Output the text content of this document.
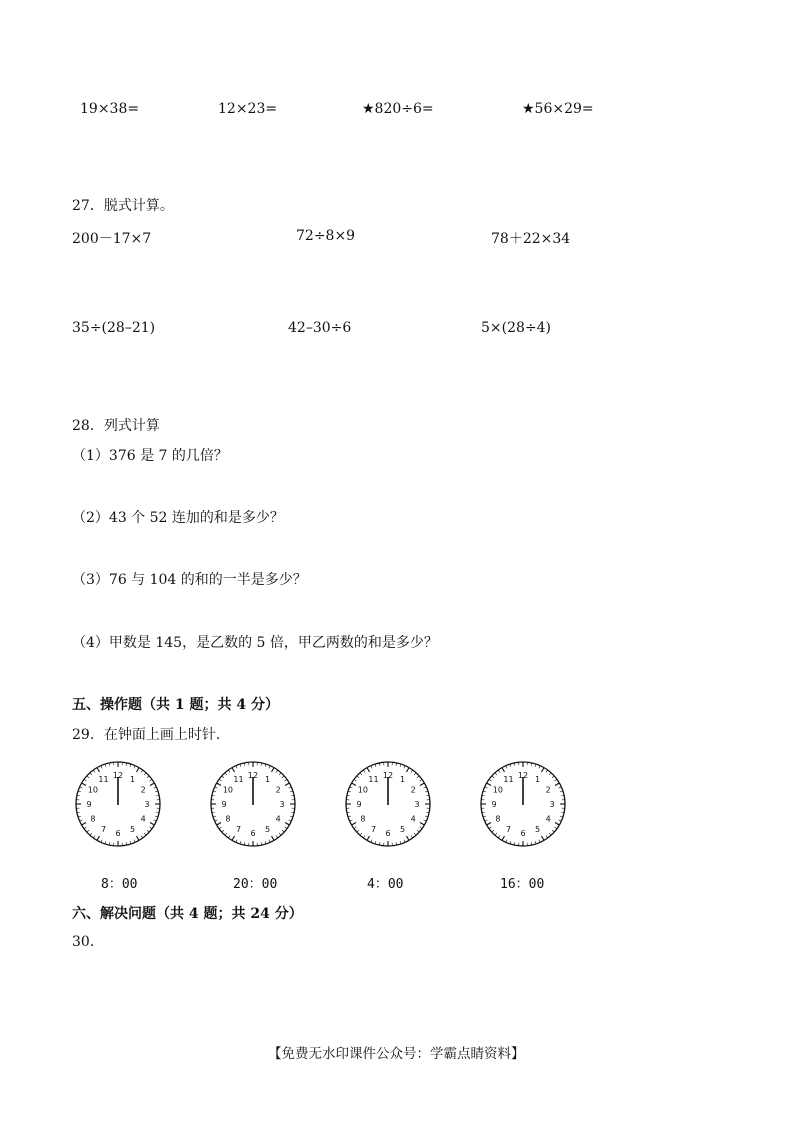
19×38=	12×23=	★820÷6=	★56×29=
27．脱式计算。
200－17×7	72÷8×9	78＋22×34
35÷(28–21)	42–30÷6	5×(28÷4)
28．列式计算
（1）376 是 7 的几倍？
（2）43 个 52 连加的和是多少？
（3）76 与 104 的和的一半是多少？
（4）甲数是 145，是乙数的 5 倍，甲乙两数的和是多少？
五、操作题（共 1 题；共 4 分）
29．在钟面上画上时针.
12 1
2
3
4
5
6
7
8
9
10
11	12 1
2
3
4
5
6
7
8
9
10
11	12 1
2
3
4
5
6
7
8
9
10
11	12 1
2
3
4
5
6
7
8
9
10
11
8：00	20：00	4：00	16：00
六、解决问题（共 4 题；共 24 分）
30.
【免费无水印课件公众号：学霸点睛资料】
